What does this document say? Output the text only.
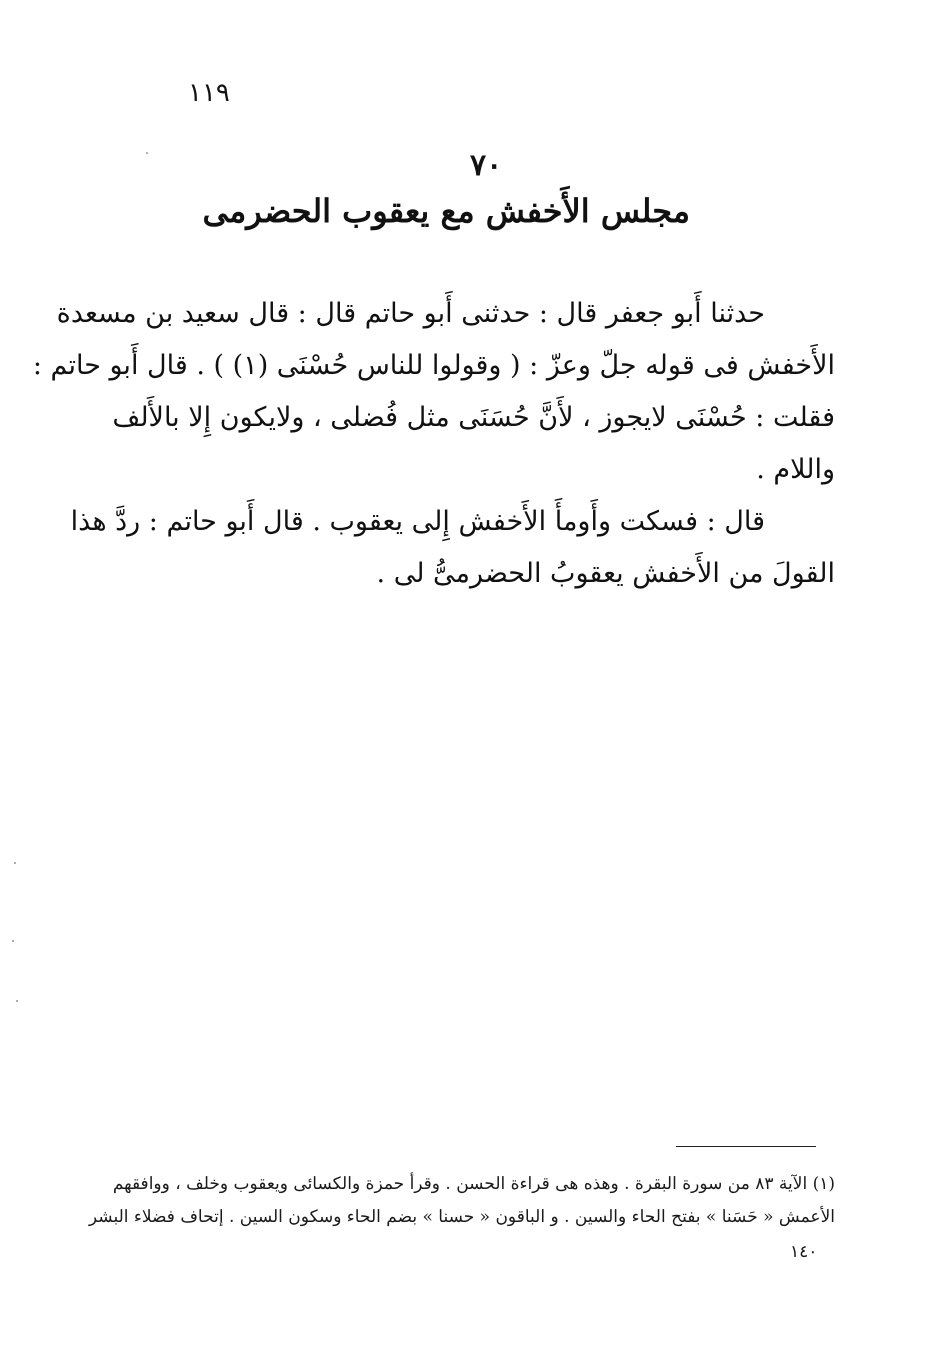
١١٩
٧٠
مجلس الأَخفش مع يعقوب الحضرمى
حدثنا أَبو جعفر قال : حدثنى أَبو حاتم قال : قال سعيد بن مسعدة
الأَخفش فى قوله جلّ وعزّ : ( وقولوا للناس حُسْنَى (١) ) . قال أَبو حاتم :
فقلت : حُسْنَى لايجوز ، لأَنَّ حُسَنَى مثل فُضلى ، ولايكون إِلا بالأَلف
واللام .
قال : فسكت وأَومأَ الأَخفش إِلى يعقوب . قال أَبو حاتم : ردَّ هذا
القولَ من الأَخفش يعقوبُ الحضرمىُّ لى .
(١) الآية ٨٣ من سورة البقرة . وهذه هى قراءة الحسن . وقرأ حمزة والكسائى ويعقوب وخلف ، ووافقهم
الأعمش « حَسَنا » بفتح الحاء والسين . و الباقون « حسنا » بضم الحاء وسكون السين . إتحاف فضلاء البشر
١٤٠
